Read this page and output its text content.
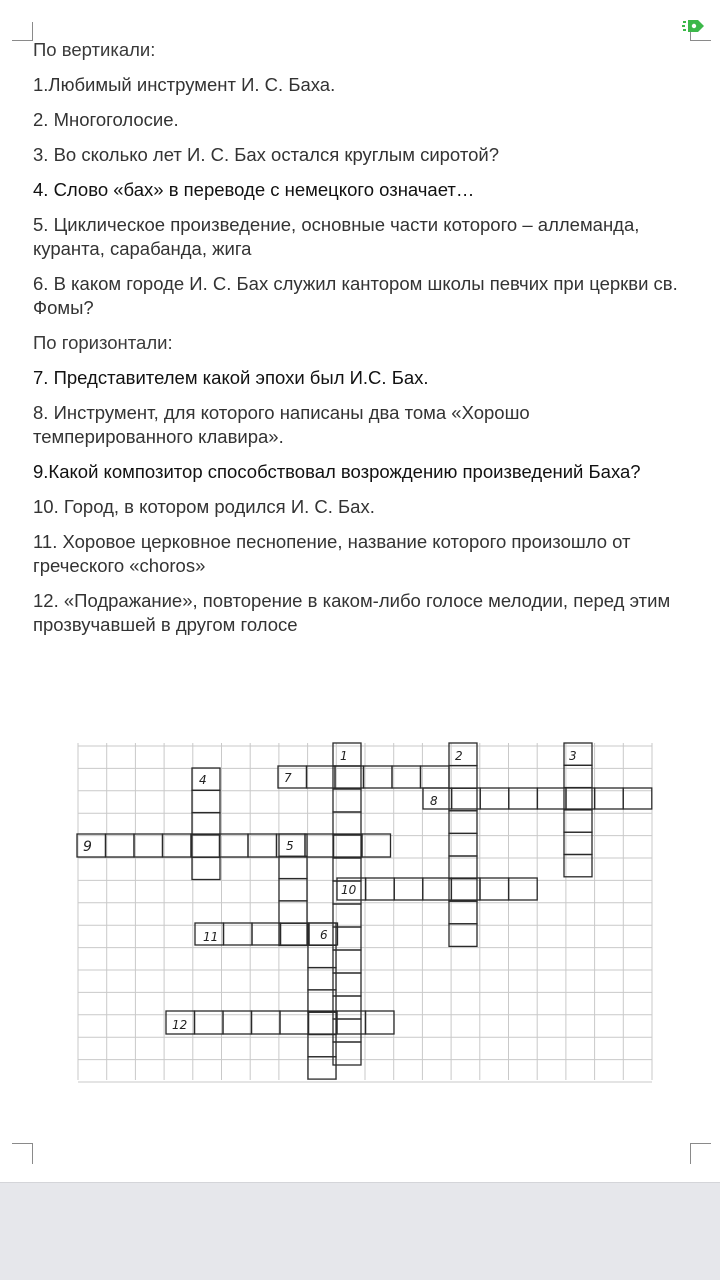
По вертикали:

1.Любимый инструмент И. С. Баха.

2. Многоголосие.

3. Во сколько лет И. С. Бах остался круглым сиротой?

4. Слово «бах» в переводе с немецкого означает…

5. Циклическое произведение, основные части которого – аллеманда, куранта, сарабанда, жига

6. В каком городе И. С. Бах служил кантором школы певчих при церкви св. Фомы?

По горизонтали:

7. Представителем какой эпохи был И.С. Бах.

8. Инструмент, для которого написаны два тома «Хорошо темперированного клавира».

9.Какой композитор способствовал возрождению произведений Баха?

10. Город, в котором родился И. С. Бах.

11. Хоровое церковное песнопение, название которого произошло от греческого «choros»

12. «Подражание», повторение в каком-либо голосе мелодии, перед этим прозвучавшей в другом голосе

1	2	3
4	7
8
9	5
10
11	6
12
